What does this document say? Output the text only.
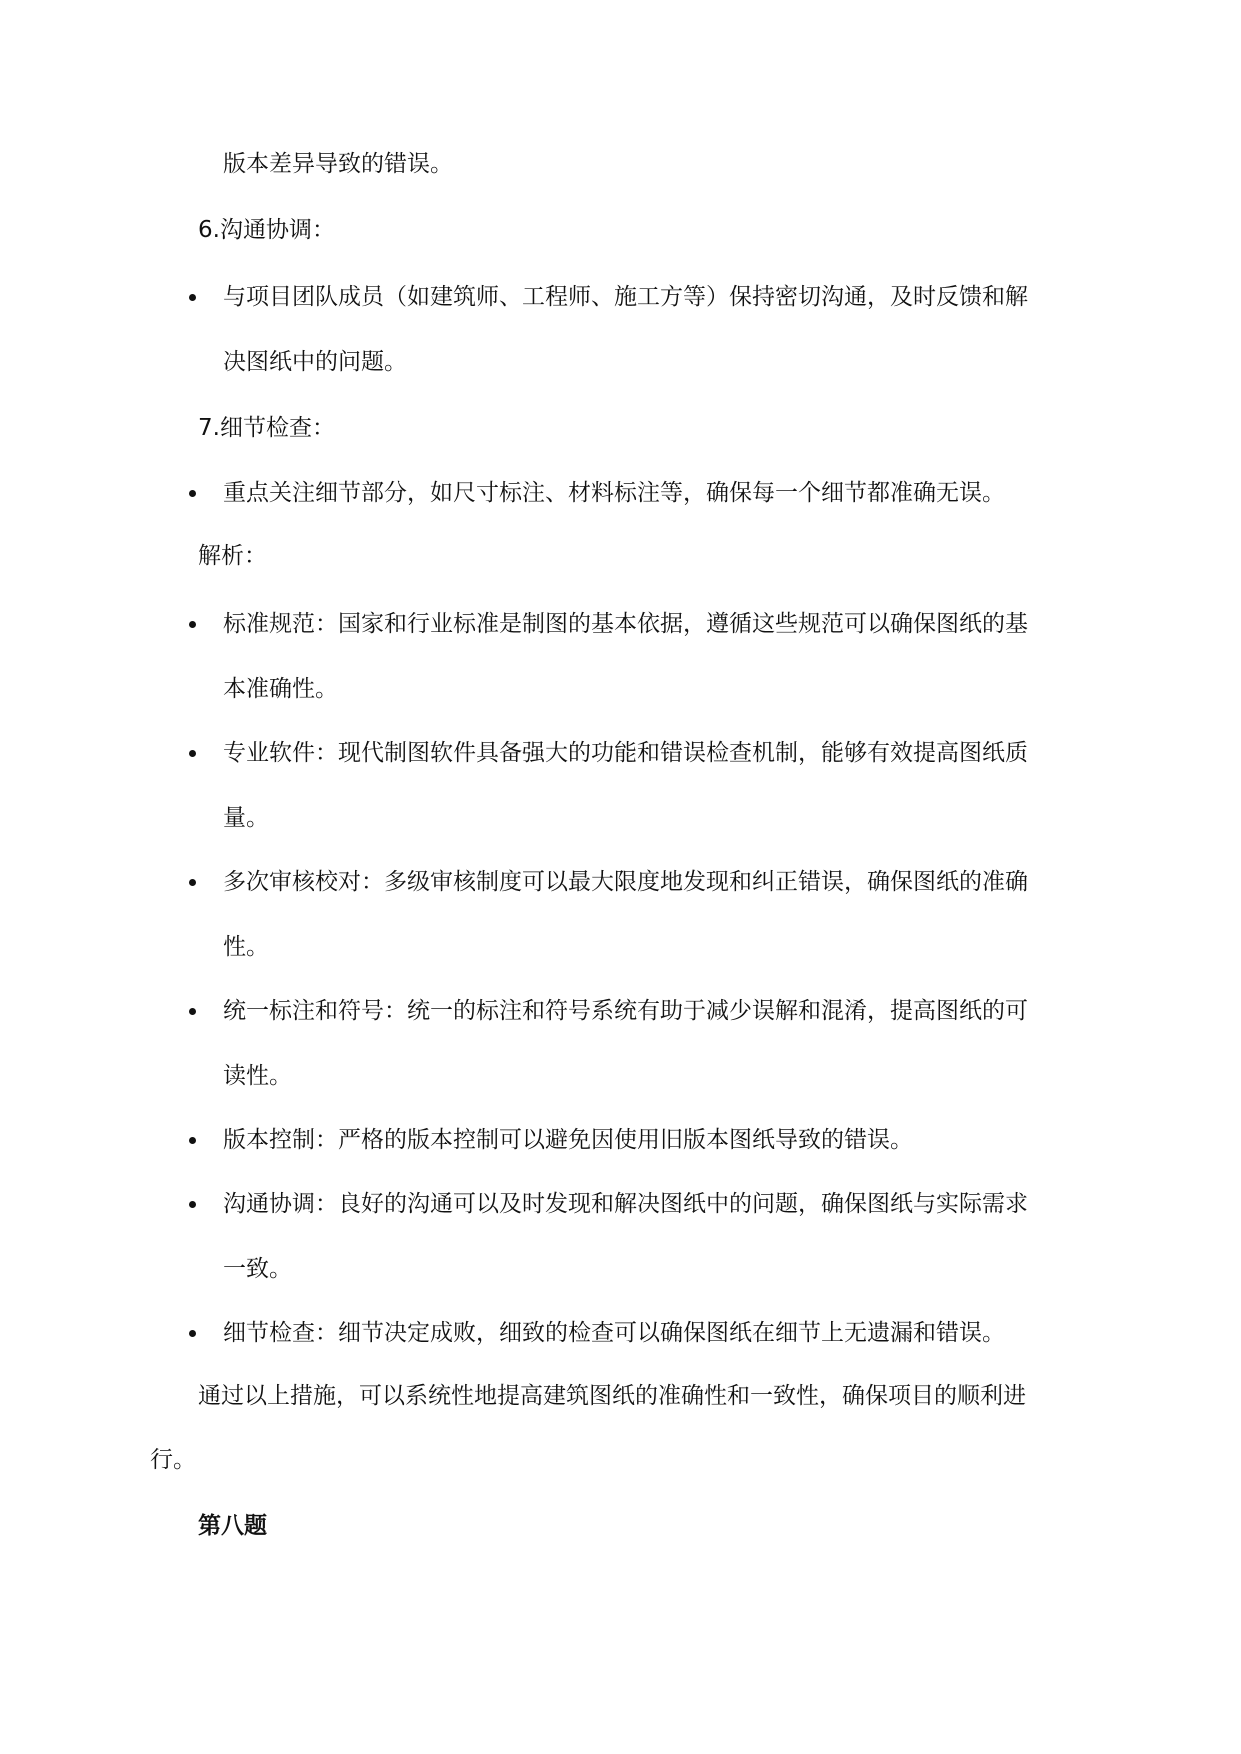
版本差异导致的错误。
6.沟通协调：
与项目团队成员（如建筑师、工程师、施工方等）保持密切沟通，及时反馈和解
决图纸中的问题。
7.细节检查：
重点关注细节部分，如尺寸标注、材料标注等，确保每一个细节都准确无误。
解析：
标准规范：国家和行业标准是制图的基本依据，遵循这些规范可以确保图纸的基
本准确性。
专业软件：现代制图软件具备强大的功能和错误检查机制，能够有效提高图纸质
量。
多次审核校对：多级审核制度可以最大限度地发现和纠正错误，确保图纸的准确
性。
统一标注和符号：统一的标注和符号系统有助于减少误解和混淆，提高图纸的可
读性。
版本控制：严格的版本控制可以避免因使用旧版本图纸导致的错误。
沟通协调：良好的沟通可以及时发现和解决图纸中的问题，确保图纸与实际需求
一致。
细节检查：细节决定成败，细致的检查可以确保图纸在细节上无遗漏和错误。
通过以上措施，可以系统性地提高建筑图纸的准确性和一致性，确保项目的顺利进
行。
第八题
